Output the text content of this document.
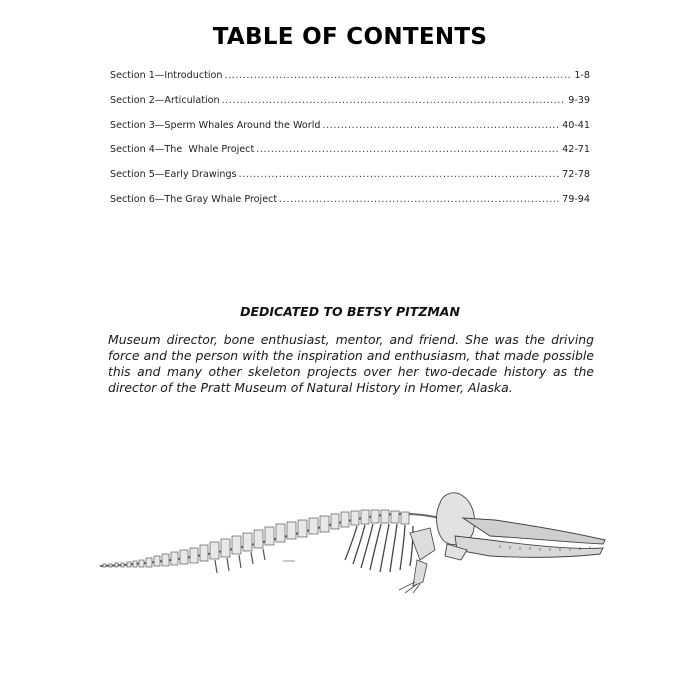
TABLE OF CONTENTS
Section 1—Introduction .....	1-8
Section 2—Articulation .....	9-39
Section 3—Sperm Whales Around the World .....	40-41
Section 4—The  Whale Project .....	42-71
Section 5—Early Drawings .....	72-78
Section 6—The Gray Whale Project .....	79-94
DEDICATED TO BETSY PITZMAN
Museum director, bone enthusiast, mentor, and friend. She was the driving force and the person with the inspiration and enthusiasm, that made possible this and many other skeleton projects over her two-decade history as the director of the Pratt Museum of Natural History in Homer, Alaska.
